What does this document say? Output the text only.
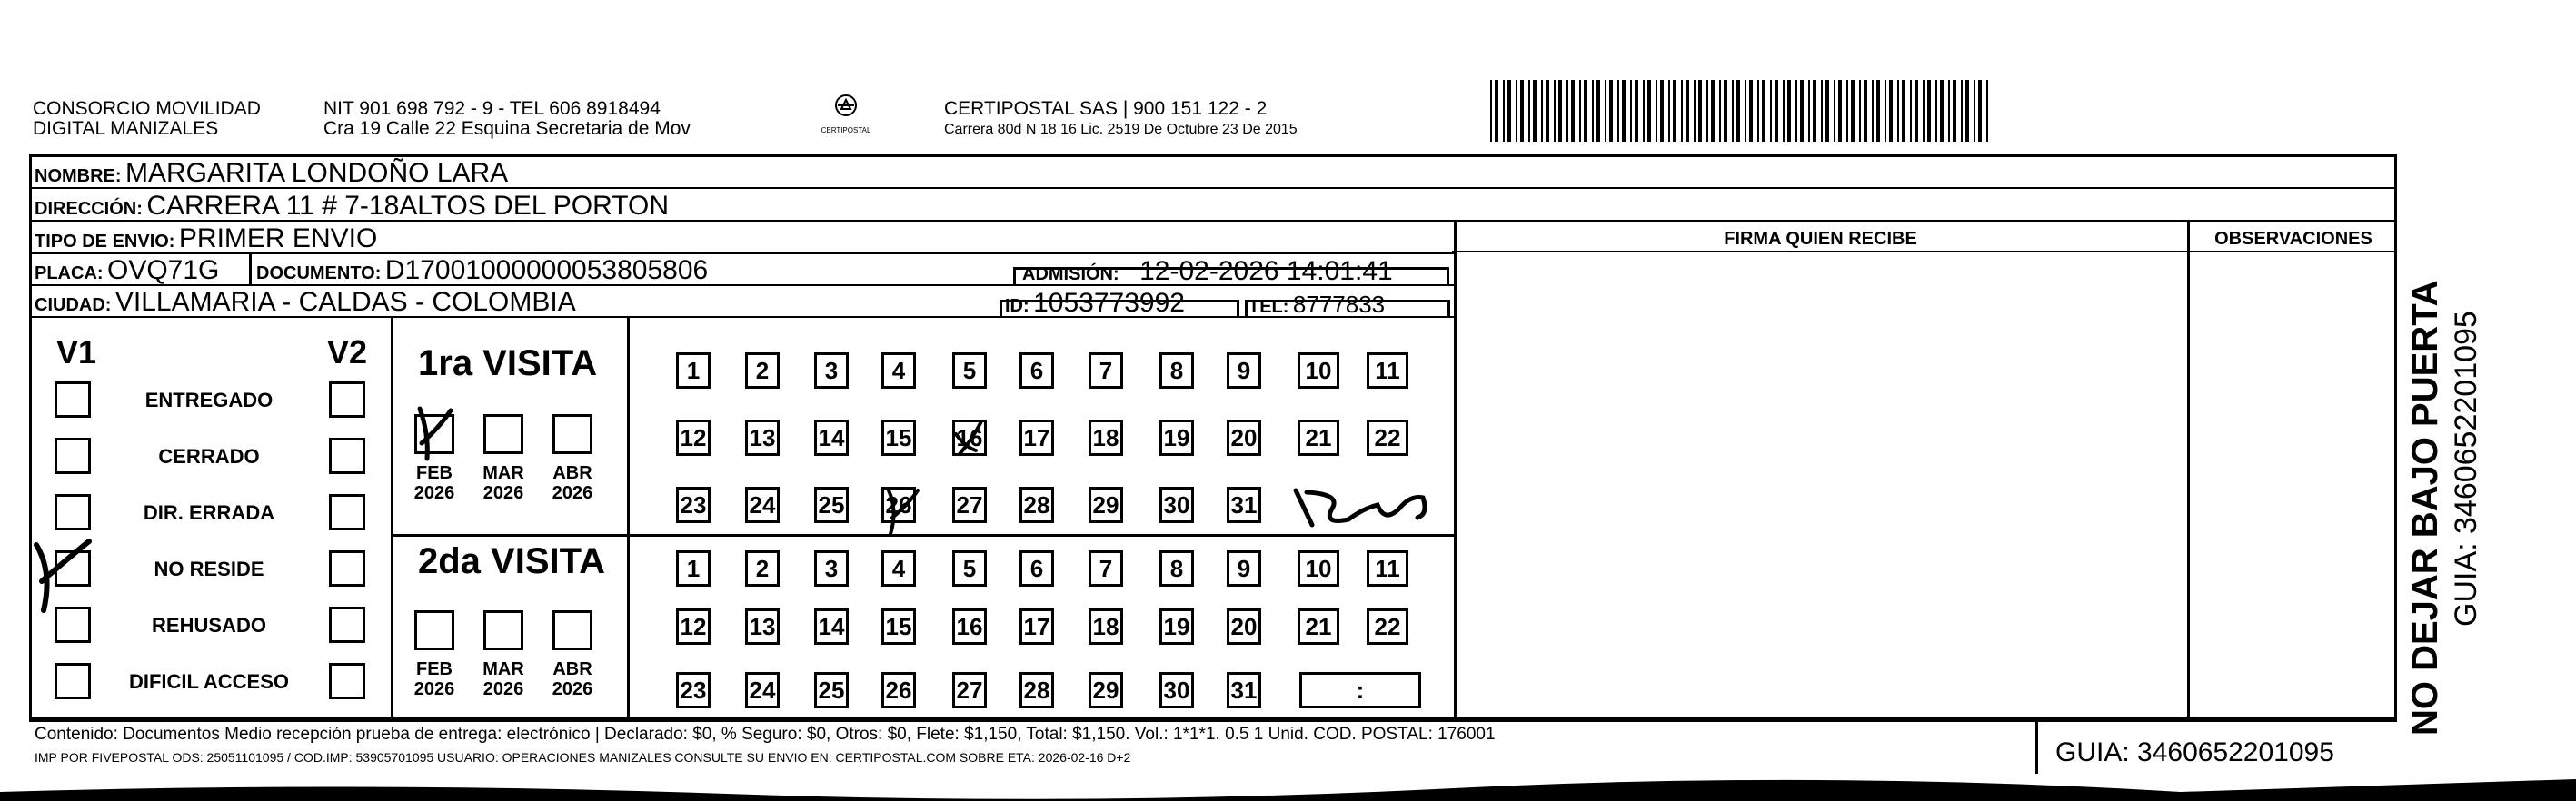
CONSORCIO MOVILIDAD
DIGITAL MANIZALES
NIT 901 698 792 - 9 - TEL 606 8918494
Cra 19 Calle 22 Esquina Secretaria de Mov	CERTIPOSTAL
CERTIPOSTAL SAS | 900 151 122 - 2
Carrera 80d N 18 16 Lic. 2519 De Octubre 23 De 2015
NOMBRE: MARGARITA LONDOÑO LARA
DIRECCIÓN: CARRERA 11 # 7-18ALTOS DEL PORTON
TIPO DE ENVIO: PRIMER ENVIO	FIRMA QUIEN RECIBE	OBSERVACIONES
PLACA: OVQ71G DOCUMENTO: D17001000000053805806	ADMISIÓN: 12-02-2026 14:01:41
CIUDAD: VILLAMARIA - CALDAS - COLOMBIA	ID: 1053773992	TEL: 8777833
V1	V2 1ra VISITA
2da VISITA
ENTREGADO
CERRADO
DIR. ERRADA
NO RESIDE
REHUSADO
DIFICIL ACCESO
FEB
2026
MAR
2026
ABR
2026
FEB
2026
MAR
2026
ABR
2026
1	2	3	4	5	6	7	8	9	10	11
12 13 14 15 16 17 18 19 20	21	22
23 24 25 26 27 28 29 30 31
1	2	3	4	5	6	7	8	9	10	11
12 13 14 15 16 17 18 19 20	21	22
23 24 25 26 27 28 29 30 31	:
Contenido: Documentos Medio recepción prueba de entrega: electrónico | Declarado: $0, % Seguro: $0, Otros: $0, Flete: $1,150, Total: $1,150. Vol.: 1*1*1. 0.5 1 Unid. COD. POSTAL: 176001
IMP POR FIVEPOSTAL ODS: 25051101095 / COD.IMP: 53905701095 USUARIO: OPERACIONES MANIZALES CONSULTE SU ENVIO EN: CERTIPOSTAL.COM SOBRE ETA: 2026-02-16 D+2	GUIA: 3460652201095
NO DEJAR BAJO PUERTA GUIA: 3460652201095
